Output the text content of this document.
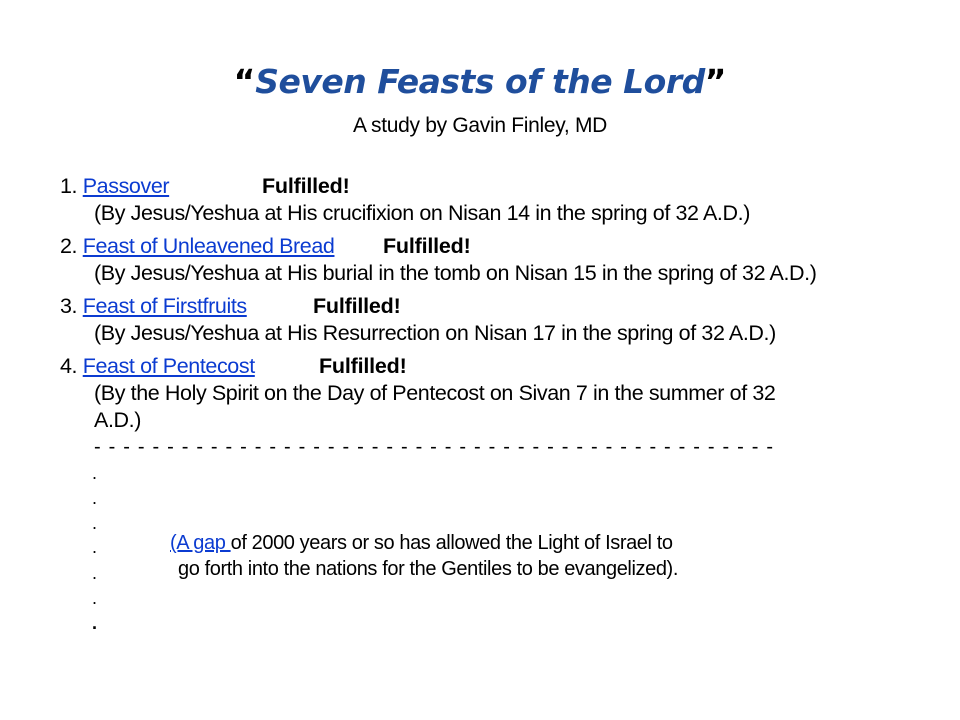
“Seven Feasts of the Lord”
A study by Gavin Finley, MD
1. Passover	Fulfilled!
(By Jesus/Yeshua at His crucifixion on Nisan 14 in the spring of 32 A.D.)
2. Feast of Unleavened Bread Fulfilled!
(By Jesus/Yeshua at His burial in the tomb on Nisan 15 in the spring of 32 A.D.)
3. Feast of Firstfruits	Fulfilled!
(By Jesus/Yeshua at His Resurrection on Nisan 17 in the spring of 32 A.D.)
4. Feast of Pentecost	Fulfilled!
(By the Holy Spirit on the Day of Pentecost on Sivan 7 in the summer of 32
A.D.)
- - - - - - - - - - - - - - - - - - - - - - - - - - - - - - - - - - - - - - - - - - - - - - -
.
.
.
.
.
.
.
(A gap of 2000 years or so has allowed the Light of Israel to
go forth into the nations for the Gentiles to be evangelized).
